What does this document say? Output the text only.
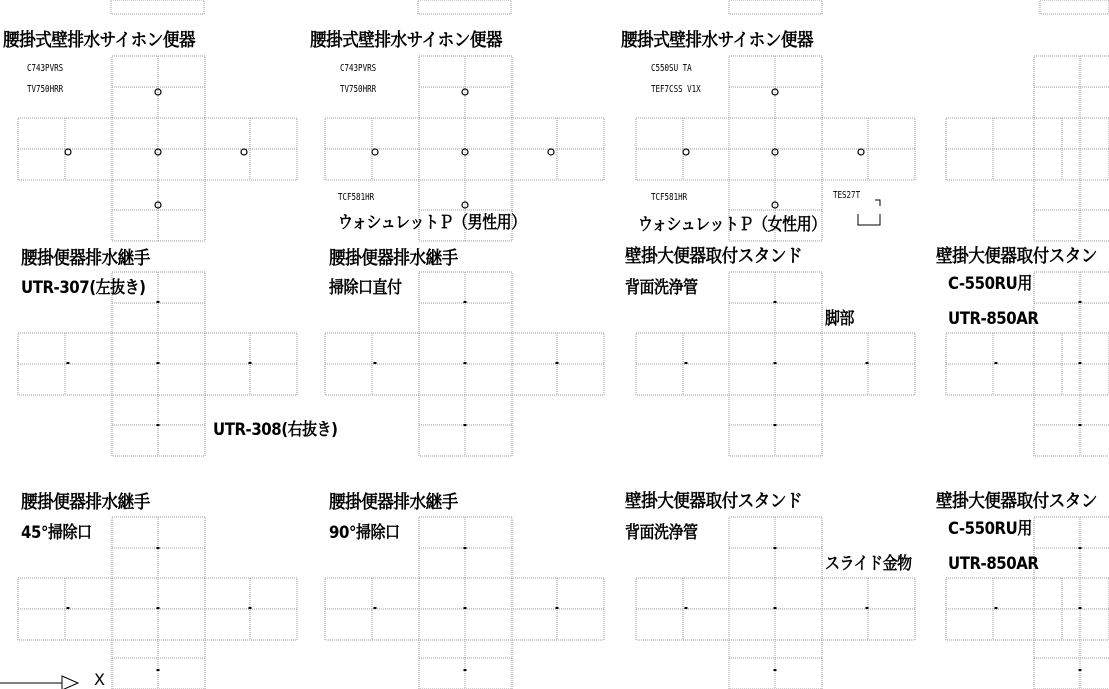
腰掛式壁排水サイホン便器	腰掛式壁排水サイホン便器	腰掛式壁排水サイホン便器
C743PVRS
TV750HRR
C743PVRS
TV750HRR
C550SU TA
TEF7CSS V1X
TCF581HR	TCF581HR	TES27T
ウォシュレットＰ（男性用）	ウォシュレットＰ（女性用）
腰掛便器排水継手
UTR-307(左抜き)
UTR-308(右抜き)
腰掛便器排水継手
掃除口直付
壁掛大便器取付スタンド
背面洗浄管
脚部
壁掛大便器取付スタン
C-550RU用
UTR-850AR
腰掛便器排水継手
45°掃除口
腰掛便器排水継手
90°掃除口
壁掛大便器取付スタンド
背面洗浄管
スライド金物
壁掛大便器取付スタン
C-550RU用
UTR-850AR
X
